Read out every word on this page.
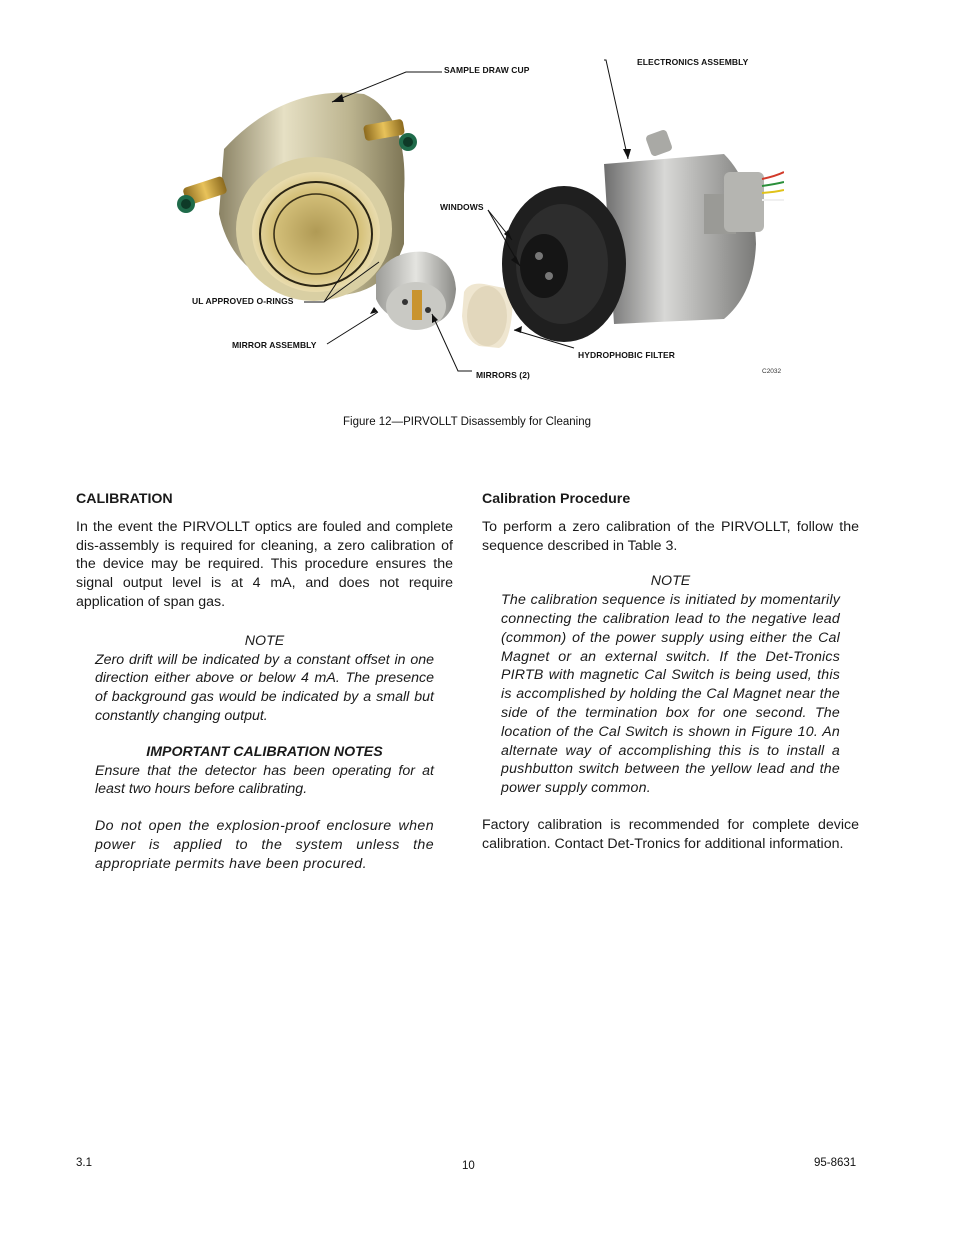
SAMPLE DRAW CUP
ELECTRONICS ASSEMBLY
WINDOWS
UL APPROVED O-RINGS
MIRROR ASSEMBLY
HYDROPHOBIC FILTER
MIRRORS (2)	C2032
Figure 12—PIRVOLLT Disassembly for Cleaning
CALIBRATION

In the event the PIRVOLLT optics are fouled and complete dis-assembly is required for cleaning, a zero calibration of the device may be required. This procedure ensures the signal output level is at 4 mA, and does not require application of span gas.

NOTE

Zero drift will be indicated by a constant offset in one direction either above or below 4 mA. The presence of background gas would be indicated by a small but constantly changing output.

IMPORTANT CALIBRATION NOTES

Ensure that the detector has been operating for at least two hours before calibrating.

Do not open the explosion-proof enclosure when power is applied to the system unless the appropriate permits have been procured.

Calibration Procedure

To perform a zero calibration of the PIRVOLLT, follow the sequence described in Table 3.

NOTE

The calibration sequence is initiated by momentarily connecting the calibration lead to the negative lead (common) of the power supply using either the Cal Magnet or an external switch. If the Det-Tronics PIRTB with magnetic Cal Switch is being used, this is accomplished by holding the Cal Magnet near the side of the termination box for one second. The location of the Cal Switch is shown in Figure 10. An alternate way of accomplishing this is to install a pushbutton switch between the yellow lead and the power supply common.

Factory calibration is recommended for complete device calibration. Contact Det-Tronics for additional information.

3.1	10	95-8631
